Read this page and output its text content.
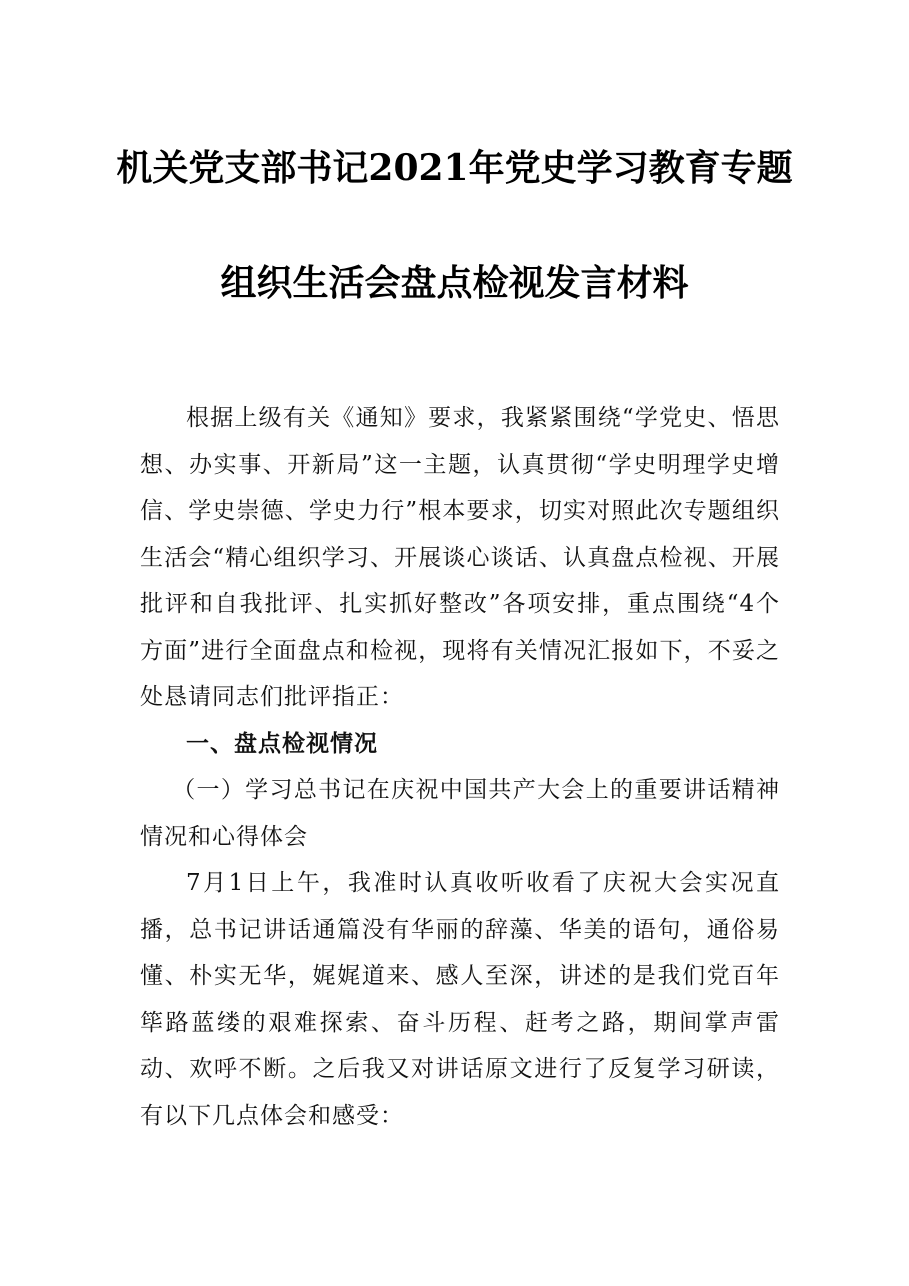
机关党支部书记2021年党史学习教育专题
组织生活会盘点检视发言材料

根据上级有关《通知》要求，我紧紧围绕“学党史、悟思想、办实事、开新局”这一主题，认真贯彻“学史明理学史增信、学史崇德、学史力行”根本要求，切实对照此次专题组织生活会“精心组织学习、开展谈心谈话、认真盘点检视、开展批评和自我批评、扎实抓好整改”各项安排，重点围绕“4个方面”进行全面盘点和检视，现将有关情况汇报如下，不妥之处恳请同志们批评指正：

一、盘点检视情况

（一）学习总书记在庆祝中国共产大会上的重要讲话精神情况和心得体会

7月1日上午，我准时认真收听收看了庆祝大会实况直播，总书记讲话通篇没有华丽的辞藻、华美的语句，通俗易懂、朴实无华，娓娓道来、感人至深，讲述的是我们党百年筚路蓝缕的艰难探索、奋斗历程、赶考之路，期间掌声雷动、欢呼不断。之后我又对讲话原文进行了反复学习研读，有以下几点体会和感受：
